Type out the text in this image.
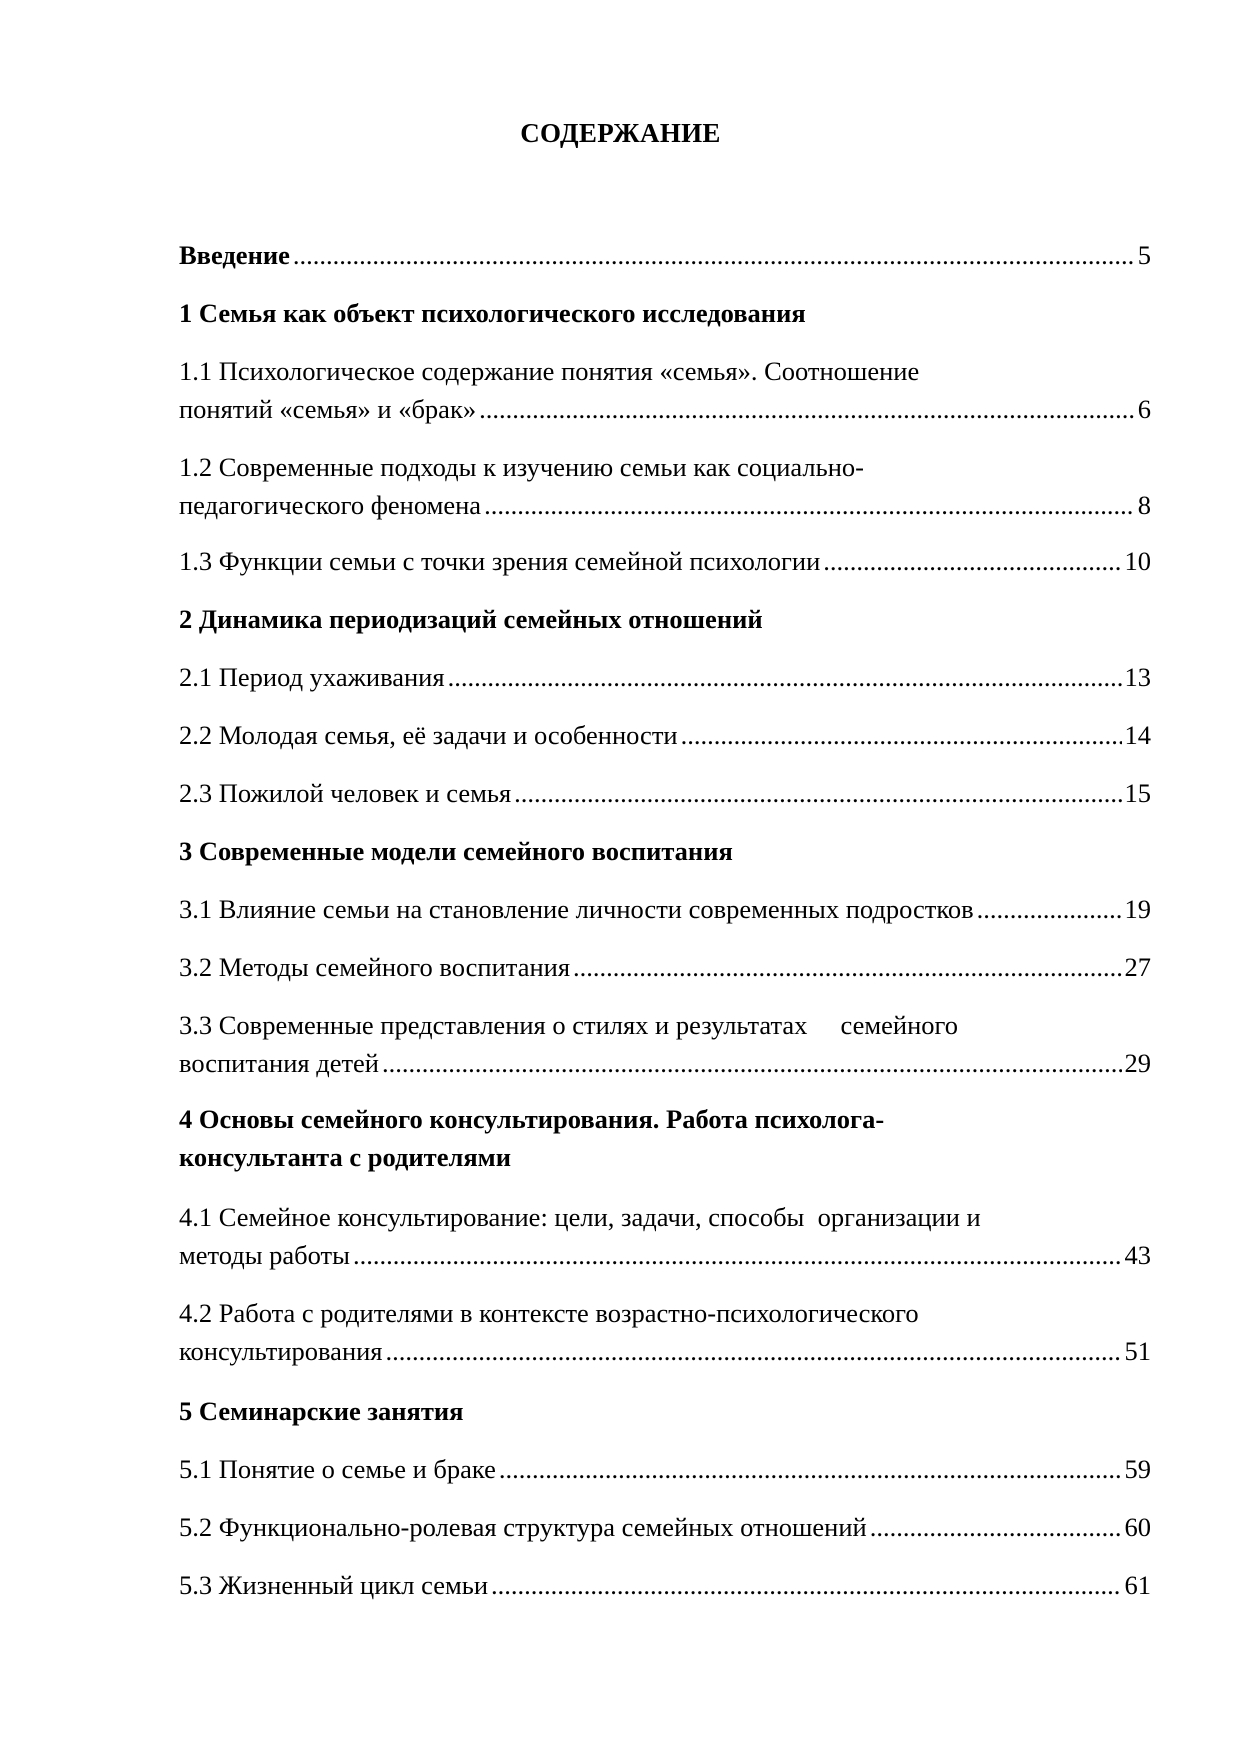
СОДЕРЖАНИЕ
Введение .....	5
1 Семья как объект психологического исследования
1.1 Психологическое содержание понятия «семья». Соотношение
понятий «семья» и «брак» .....	6
1.2 Современные подходы к изучению семьи как социально-
педагогического феномена .....	8
1.3 Функции семьи с точки зрения семейной психологии .....	10
2 Динамика периодизаций семейных отношений
2.1 Период ухаживания .....	13
2.2 Молодая семья, её задачи и особенности .....	14
2.3 Пожилой человек и семья .....	15
3 Современные модели семейного воспитания
3.1 Влияние семьи на становление личности современных подростков .....	19
3.2 Методы семейного воспитания .....	27
3.3 Современные представления о стилях и результатах     семейного
воспитания детей .....	29
4 Основы семейного консультирования. Работа психолога-
консультанта с родителями
4.1 Семейное консультирование: цели, задачи, способы  организации и
методы работы .....	43
4.2 Работа с родителями в контексте возрастно-психологического
консультирования .....	51
5 Семинарские занятия
5.1 Понятие о семье и браке .....	59
5.2 Функционально-ролевая структура семейных отношений .....	60
5.3 Жизненный цикл семьи .....	61
